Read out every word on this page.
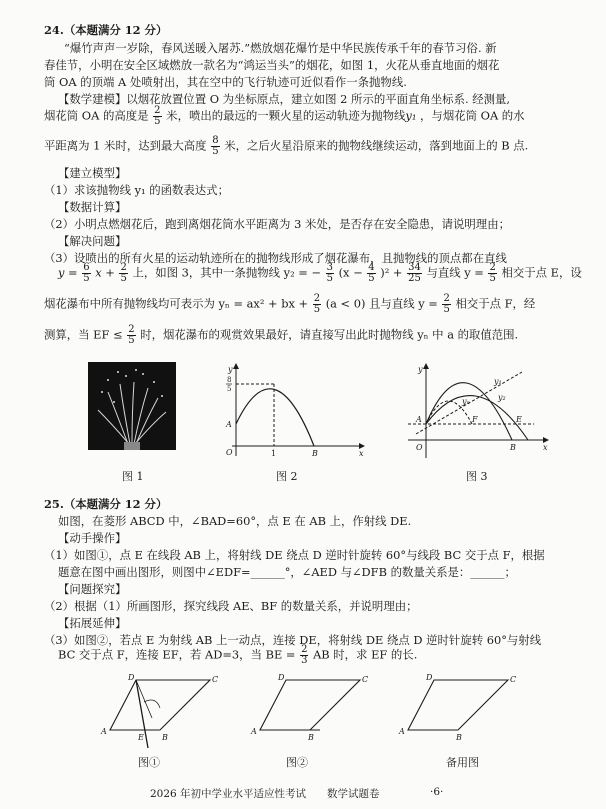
24.（本题满分 12 分）
“爆竹声声一岁除，春风送暖入屠苏.”燃放烟花爆竹是中华民族传承千年的春节习俗. 新
春佳节，小明在安全区域燃放一款名为“鸿运当头”的烟花，如图 1，火花从垂直地面的烟花
筒 OA 的顶端 A 处喷射出，其在空中的飞行轨迹可近似看作一条抛物线.
【数学建模】以烟花放置位置 O 为坐标原点，建立如图 2 所示的平面直角坐标系. 经测量,
烟花筒 OA 的高度是 $\frac{2}{5}$ 米，喷出的最远的一颗火星的运动轨迹为抛物线y₁ ，与烟花筒 OA 的水
平距离为 1 米时，达到最大高度 $\frac{8}{5}$ 米，之后火星沿原来的抛物线继续运动，落到地面上的 B 点.
【建立模型】
（1）求该抛物线 y₁ 的函数表达式；
【数据计算】
（2）小明点燃烟花后，跑到离烟花筒水平距离为 3 米处，是否存在安全隐患，请说明理由；
【解决问题】
（3）设喷出的所有火星的运动轨迹所在的抛物线形成了烟花瀑布，且抛物线的顶点都在直线
$y = \frac{6}{5}$ $x + \frac{2}{5}$ 上，如图 3，其中一条抛物线 y₂ = − $\frac{3}{5} (x - \frac{4}{5} )^2 + \frac{34}{25}$ 与直线 $y = \frac{2}{5}$ 相交于点 E，设
烟花瀑布中所有抛物线均可表示为 yₙ = ax² + bx + $\frac{2}{5} (a < 0)$ 且与直线 $y = \frac{2}{5}$ 相交于点 F，经
测算，当 EF ≤ $\frac{2}{5}$ 时，烟花瀑布的观赏效果最好，请直接写出此时抛物线 yₙ 中 a 的取值范围.
图 1
y
x
O
A
B
1
8
5
图 2
y
x
O
A
B
E
F
y₁
y₂
yₙ
图 3
25.（本题满分 12 分）
如图，在菱形 ABCD 中，∠BAD=60°，点 E 在 AB 上，作射线 DE.
【动手操作】
（1）如图①，点 E 在线段 AB 上，将射线 DE 绕点 D 逆时针旋转 60°与线段 BC 交于点 F，根据
题意在图中画出图形，则图中∠EDF=______°，∠AED 与∠DFB 的数量关系是：______；
【问题探究】
（2）根据（1）所画图形，探究线段 AE、BF 的数量关系，并说明理由；
【拓展延伸】
（3）如图②，若点 E 为射线 AB 上一动点，连接 DE，将射线 DE 绕点 D 逆时针旋转 60°与射线
BC 交于点 F，连接 EF，若 AD=3，当 BE = $\frac{2}{3}$ AB 时，求 EF 的长.
A
B
C
D
E
图①
A
B
C
D
图②
A
B
C
D
备用图
2026 年初中学业水平适应性考试　　数学试题卷	·6·
